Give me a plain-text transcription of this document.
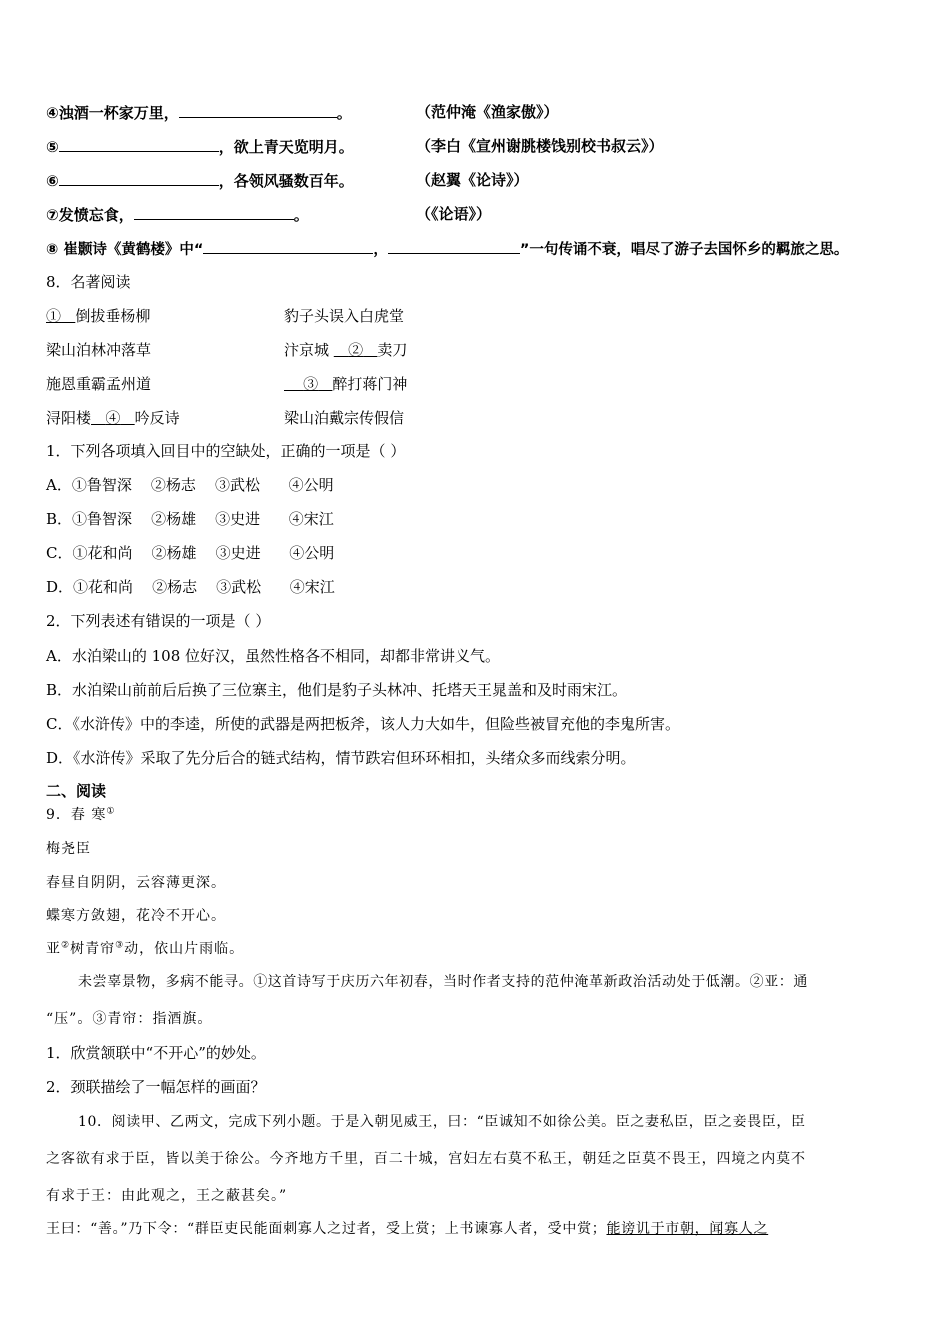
④浊酒一杯家万里，	。	（范仲淹《渔家傲》）
⑤	，欲上青天览明月。	（李白《宣州谢朓楼饯别校书叔云》）
⑥	，各领风骚数百年。	（赵翼《论诗》）
⑦发愤忘食，	。	（《论语》）
⑧ 崔颢诗《黄鹤楼》中“	，	”一句传诵不衰，唱尽了游子去国怀乡的羁旅之思。
8．名著阅读
① 倒拔垂杨柳	豹子头误入白虎堂
梁山泊林冲落草	汴京城    ② 卖刀
施恩重霸孟州道	③ 醉打蒋门神
浔阳楼 ④ 吟反诗	梁山泊戴宗传假信
1．下列各项填入回目中的空缺处，正确的一项是（ ）
A．①鲁智深    ②杨志    ③武松      ④公明
B．①鲁智深    ②杨雄    ③史进      ④宋江
C．①花和尚    ②杨雄    ③史进      ④公明
D．①花和尚    ②杨志    ③武松      ④宋江
2．下列表述有错误的一项是（ ）
A．水泊梁山的 108 位好汉，虽然性格各不相同，却都非常讲义气。
B．水泊梁山前前后后换了三位寨主，他们是豹子头林冲、托塔天王晁盖和及时雨宋江。
C．《水浒传》中的李逵，所使的武器是两把板斧，该人力大如牛，但险些被冒充他的李鬼所害。
D．《水浒传》采取了先分后合的链式结构，情节跌宕但环环相扣，头绪众多而线索分明。
二、阅读
9．春 寒①
梅尧臣
春昼自阴阴，云容薄更深。
蝶寒方敛翅，花冷不开心。
亚②树青帘③动，依山片雨临。
未尝辜景物，多病不能寻。①这首诗写于庆历六年初春，当时作者支持的范仲淹革新政治活动处于低潮。②亚：通
“压”。③青帘：指酒旗。
1．欣赏颔联中“不开心”的妙处。
2．颈联描绘了一幅怎样的画面？
10．阅读甲、乙两文，完成下列小题。于是入朝见威王，曰：“臣诚知不如徐公美。臣之妻私臣，臣之妾畏臣，臣
之客欲有求于臣，皆以美于徐公。今齐地方千里，百二十城，宫妇左右莫不私王，朝廷之臣莫不畏王，四境之内莫不
有求于王：由此观之，王之蔽甚矣。”
王曰：“善。”乃下令：“群臣吏民能面刺寡人之过者，受上赏；上书谏寡人者，受中赏；能谤讥于市朝，闻寡人之
